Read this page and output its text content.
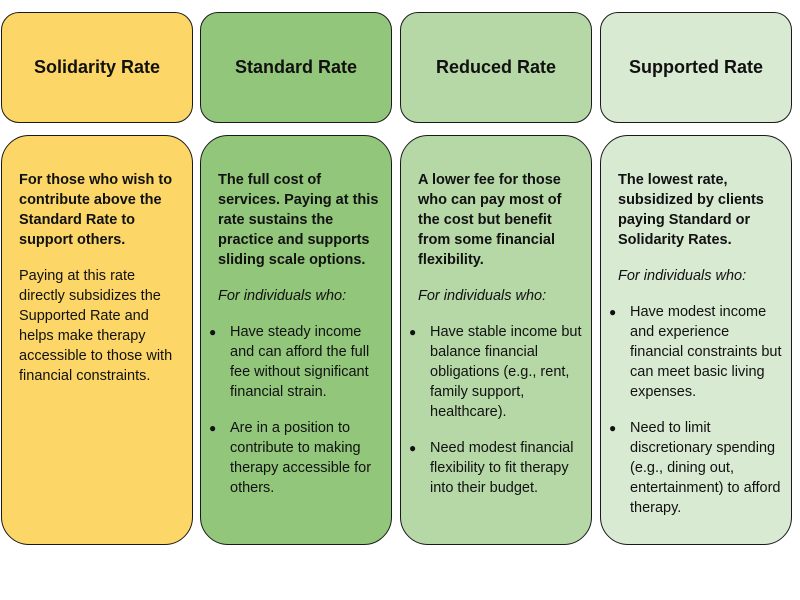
Solidarity Rate	Standard Rate	Reduced Rate	Supported Rate

For those who wish to contribute above the Standard Rate to support others.

Paying at this rate directly subsidizes the Supported Rate and helps make therapy accessible to those with financial constraints.

The full cost of services. Paying at this rate sustains the practice and supports sliding scale options.

For individuals who:

● Have steady income and can afford the full fee without significant financial strain.
● Are in a position to contribute to making therapy accessible for others.

A lower fee for those who can pay most of the cost but benefit from some financial flexibility.

For individuals who:

● Have stable income but balance financial obligations (e.g., rent, family support, healthcare).
● Need modest financial flexibility to fit therapy into their budget.

The lowest rate, subsidized by clients paying Standard or Solidarity Rates.

For individuals who:

● Have modest income and experience financial constraints but can meet basic living expenses.
● Need to limit discretionary spending (e.g., dining out, entertainment) to afford therapy.
